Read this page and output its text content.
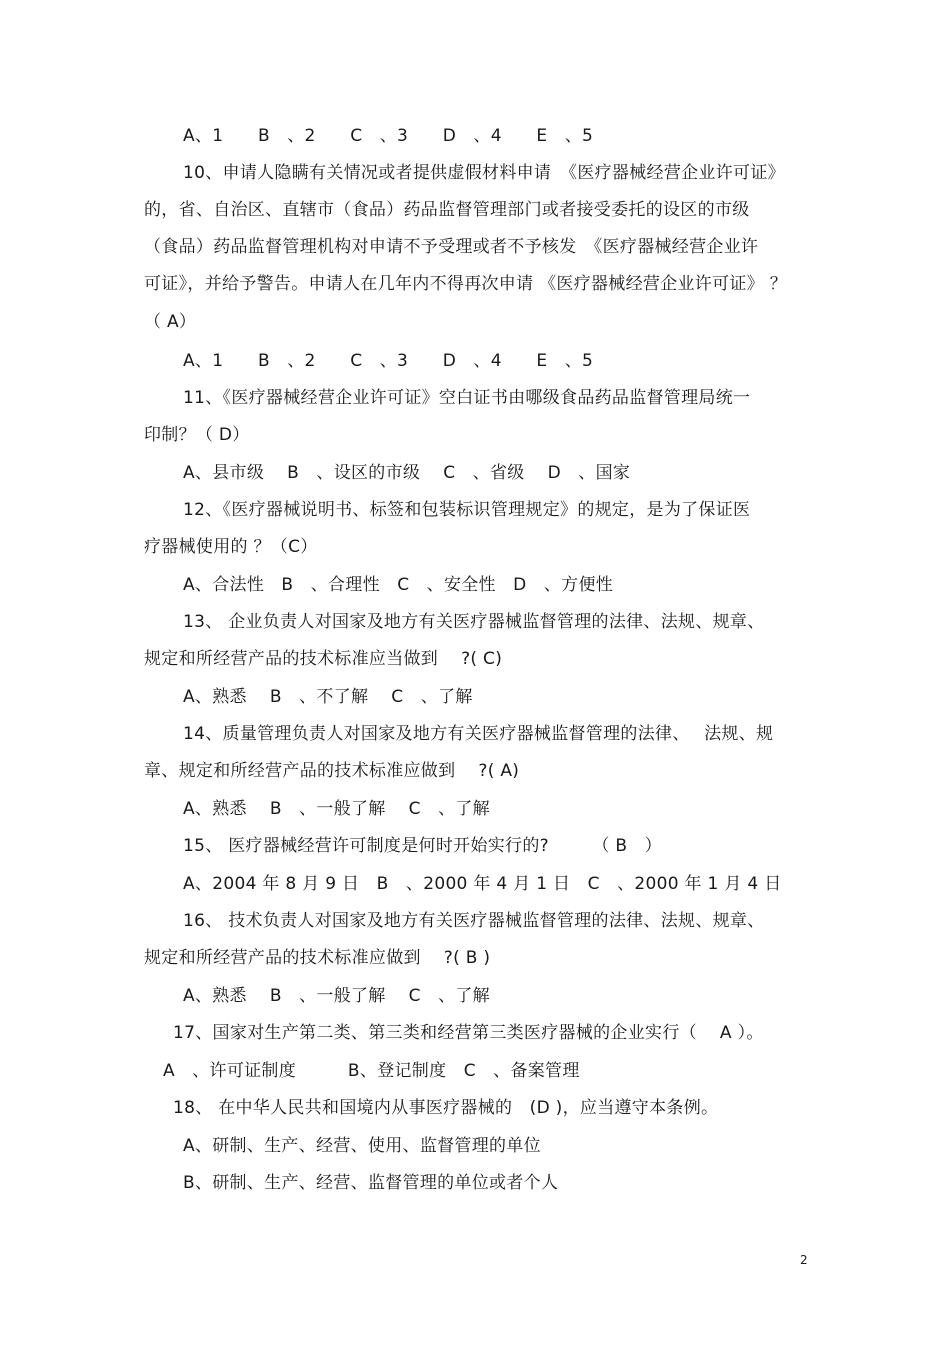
A、1　　B　、2　　C　、3　　D　、4　　E　、5
10、申请人隐瞒有关情况或者提供虚假材料申请　《医疗器械经营企业许可证》
的，省、自治区、直辖市（食品）药品监督管理部门或者接受委托的设区的市级
（食品）药品监督管理机构对申请不予受理或者不予核发　《医疗器械经营企业许
可证》，并给予警告。申请人在几年内不得再次申请 《医疗器械经营企业许可证》 ？
（ A）
A、1　　B　、2　　C　、3　　D　、4　　E　、5
11、《医疗器械经营企业许可证》空白证书由哪级食品药品监督管理局统一
印制？（ D）
A、县市级　 B　、设区的市级　 C　、省级　 D　、国家
12、《医疗器械说明书、标签和包装标识管理规定》的规定，是为了保证医
疗器械使用的 ？（C）
A、合法性　B　、合理性　C　、安全性　D　、方便性
13、 企业负责人对国家及地方有关医疗器械监督管理的法律、法规、规章、
规定和所经营产品的技术标准应当做到　 ?( C)
A、熟悉　 B　、不了解　 C　、了解
14、质量管理负责人对国家及地方有关医疗器械监督管理的法律、　 法规、规
章、规定和所经营产品的技术标准应做到　 ?( A)
A、熟悉　 B　、一般了解　 C　、了解
15、 医疗器械经营许可制度是何时开始实行的?　　　（ B　）
A、2004 年 8 月 9 日　B　、2000 年 4 月 1 日　C　、2000 年 1 月 4 日
16、 技术负责人对国家及地方有关医疗器械监督管理的法律、法规、规章、
规定和所经营产品的技术标准应做到　 ?( B )
A、熟悉　 B　、一般了解　 C　、了解
17、国家对生产第二类、第三类和经营第三类医疗器械的企业实行（　 A ）。
A　、许可证制度　　　B、登记制度　C　、备案管理
18、 在中华人民共和国境内从事医疗器械的　(D )，应当遵守本条例。
A、研制、生产、经营、使用、监督管理的单位
B、研制、生产、经营、监督管理的单位或者个人
2
